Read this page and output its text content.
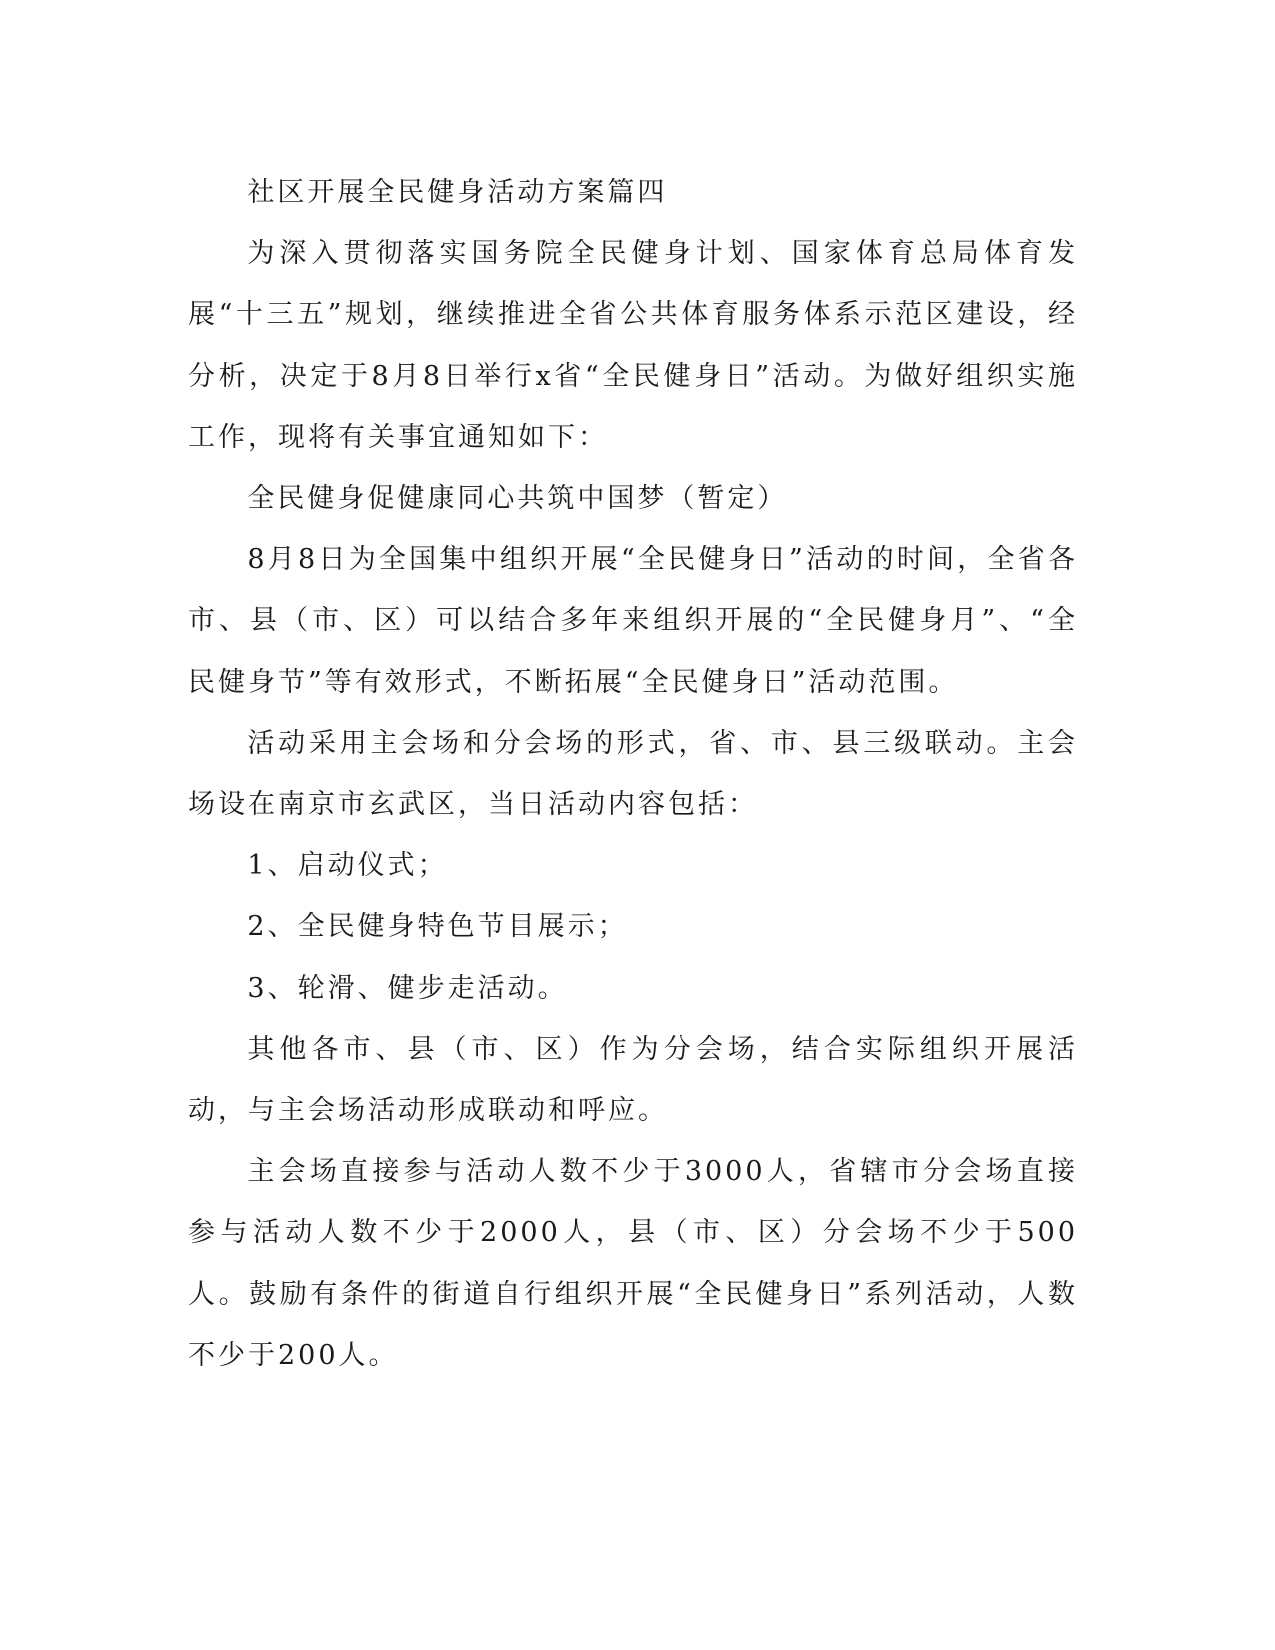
社区开展全民健身活动方案篇四

为深入贯彻落实国务院全民健身计划、国家体育总局体育发展“十三五”规划，继续推进全省公共体育服务体系示范区建设，经分析，决定于8月8日举行x省“全民健身日”活动。为做好组织实施工作，现将有关事宜通知如下：

全民健身促健康同心共筑中国梦（暂定）

8月8日为全国集中组织开展“全民健身日”活动的时间，全省各市、县（市、区）可以结合多年来组织开展的“全民健身月”、“全民健身节”等有效形式，不断拓展“全民健身日”活动范围。

活动采用主会场和分会场的形式，省、市、县三级联动。主会场设在南京市玄武区，当日活动内容包括：

1、启动仪式；

2、全民健身特色节目展示；

3、轮滑、健步走活动。

其他各市、县（市、区）作为分会场，结合实际组织开展活动，与主会场活动形成联动和呼应。

主会场直接参与活动人数不少于3000人，省辖市分会场直接参与活动人数不少于2000人，县（市、区）分会场不少于500人。鼓励有条件的街道自行组织开展“全民健身日”系列活动，人数不少于200人。
